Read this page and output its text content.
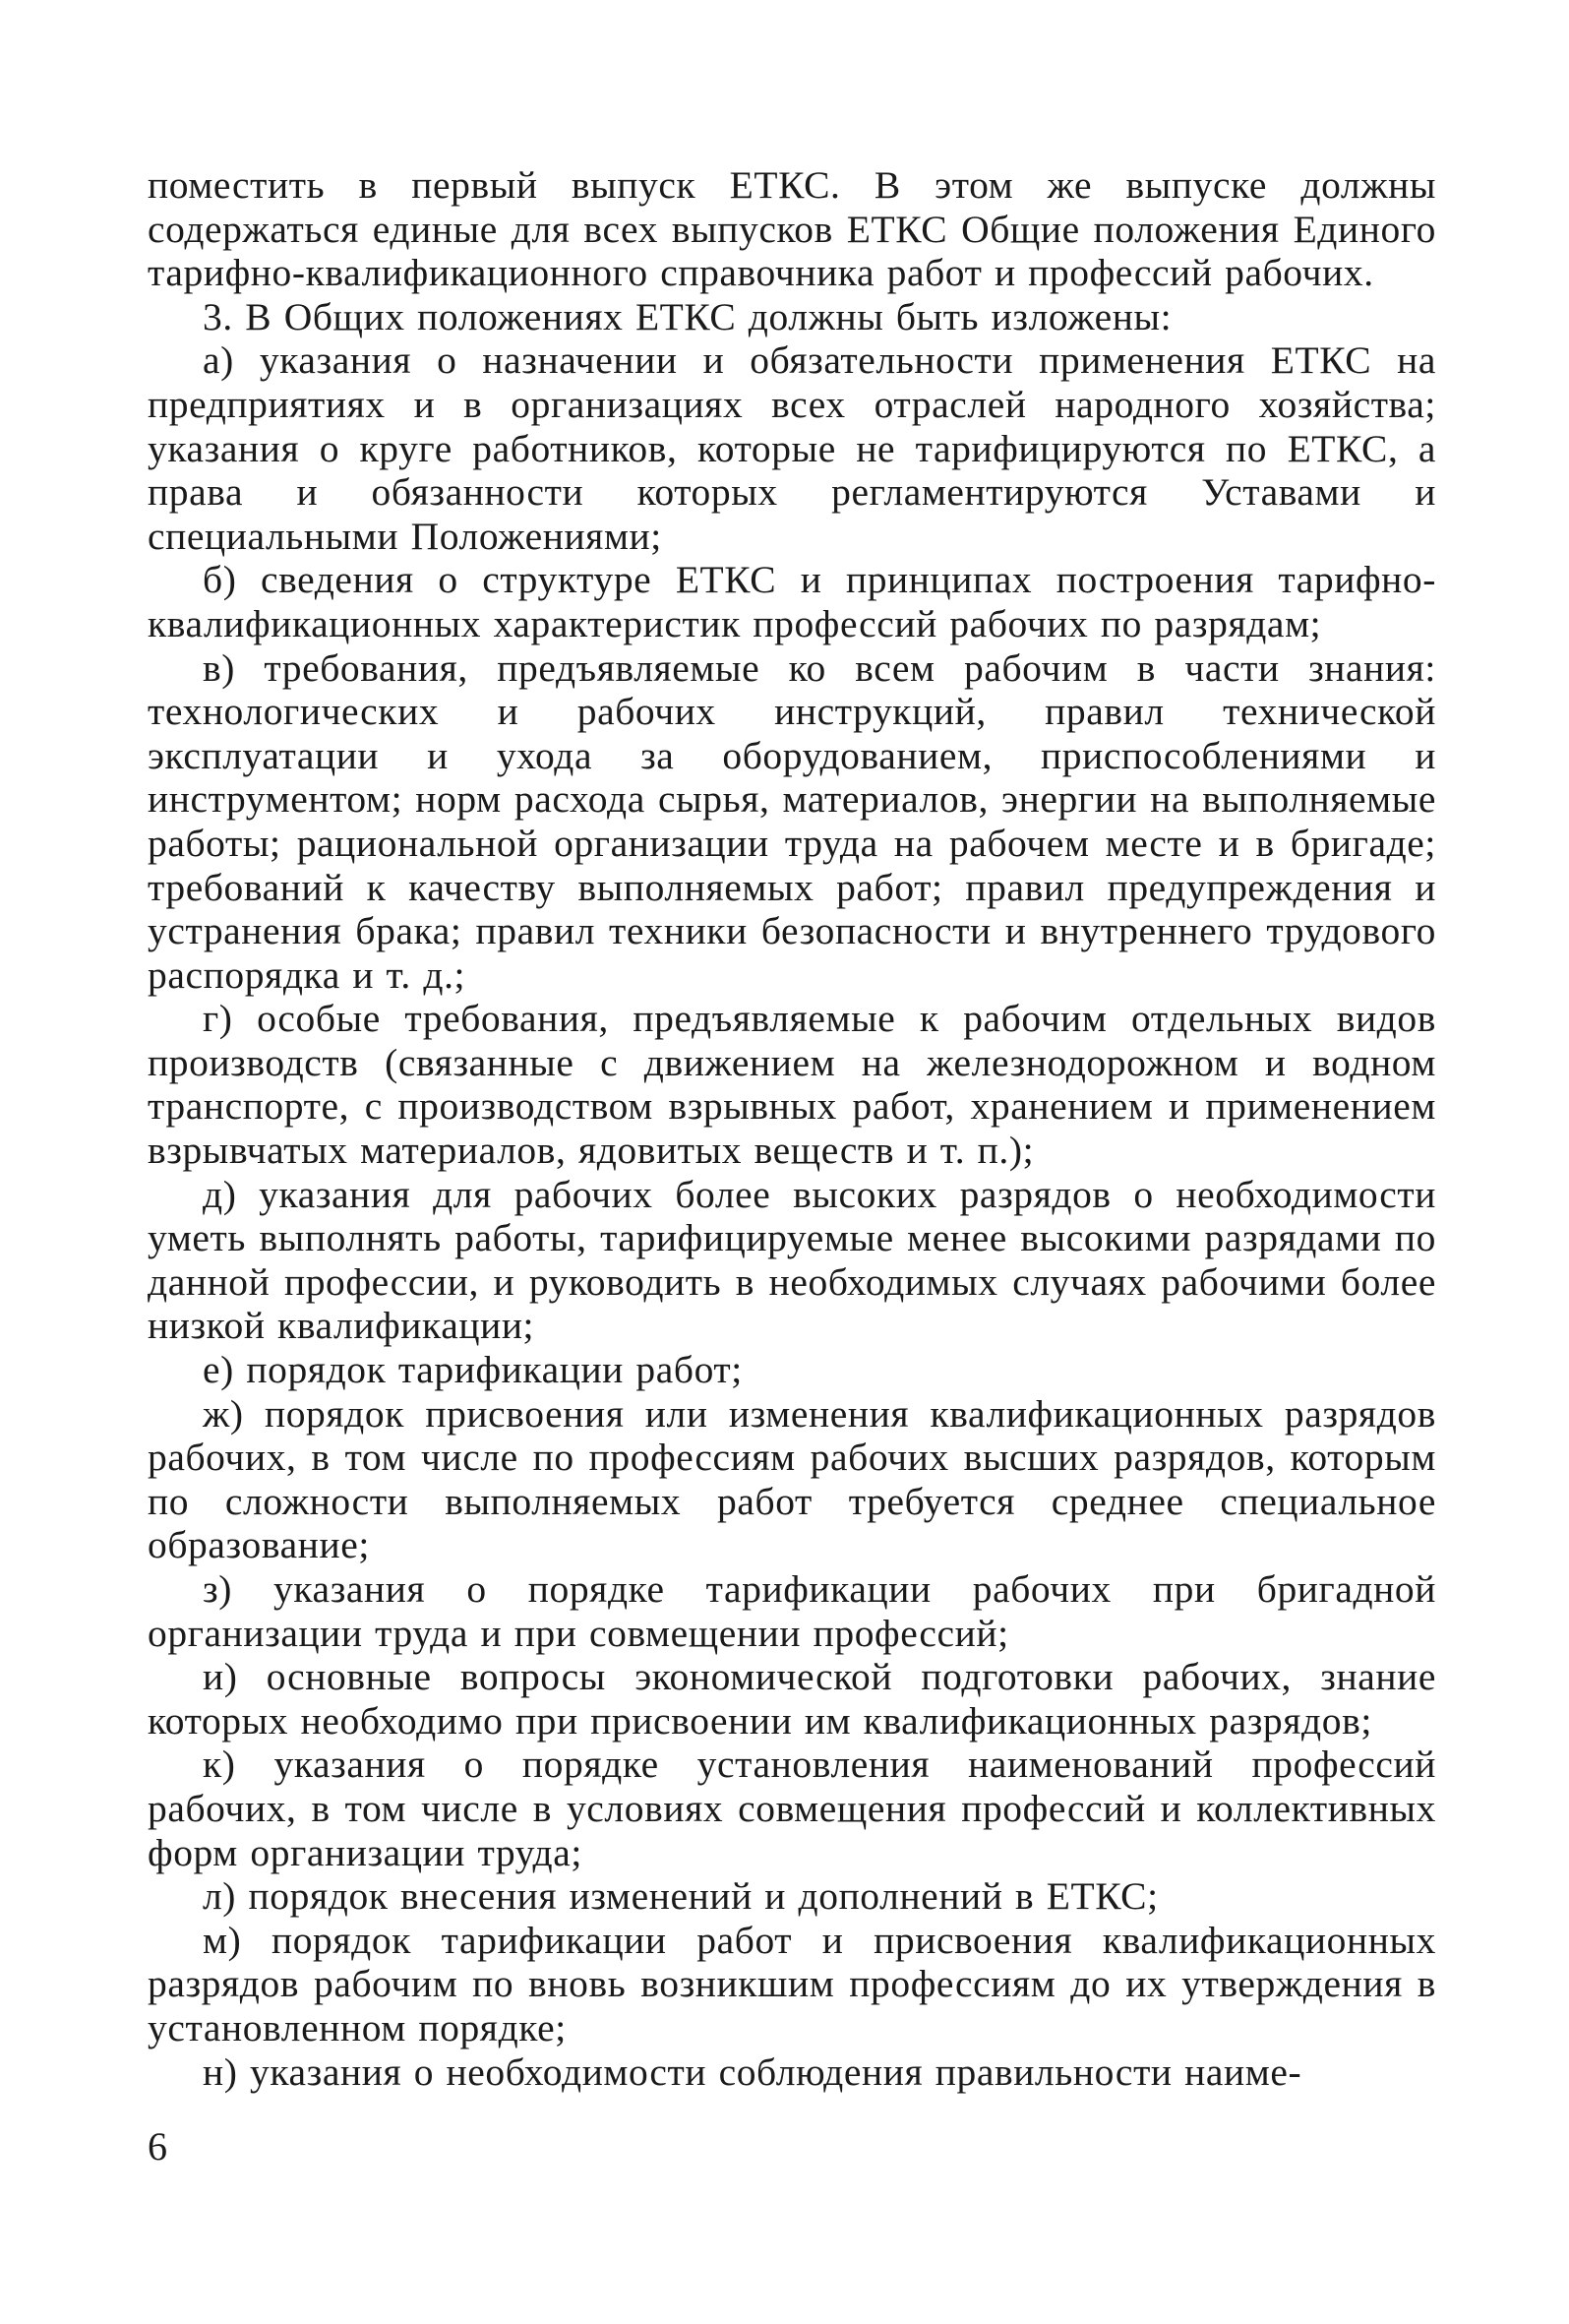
поместить в первый выпуск ЕТКС. В этом же выпуске должны содержаться единые для всех выпусков ЕТКС Общие положения Единого тарифно-квалификационного справочника работ и профессий рабочих.

3. В Общих положениях ЕТКС должны быть изложены:

а) указания о назначении и обязательности применения ЕТКС на предприятиях и в организациях всех отраслей народного хозяйства; указания о круге работников, которые не тарифицируются по ЕТКС, а права и обязанности которых регламентируются Уставами и специальными Положениями;

б) сведения о структуре ЕТКС и принципах построения тарифно-квалификационных характеристик профессий рабочих по разрядам;

в) требования, предъявляемые ко всем рабочим в части знания: технологических и рабочих инструкций, правил технической эксплуатации и ухода за оборудованием, приспособлениями и инструментом; норм расхода сырья, материалов, энергии на выполняемые работы; рациональной организации труда на рабочем месте и в бригаде; требований к качеству выполняемых работ; правил предупреждения и устранения брака; правил техники безопасности и внутреннего трудового распорядка и т. д.;

г) особые требования, предъявляемые к рабочим отдельных видов производств (связанные с движением на железнодорожном и водном транспорте, с производством взрывных работ, хранением и применением взрывчатых материалов, ядовитых веществ и т. п.);

д) указания для рабочих более высоких разрядов о необходимости уметь выполнять работы, тарифицируемые менее высокими разрядами по данной профессии, и руководить в необходимых случаях рабочими более низкой квалификации;

е) порядок тарификации работ;

ж) порядок присвоения или изменения квалификационных разрядов рабочих, в том числе по профессиям рабочих высших разрядов, которым по сложности выполняемых работ требуется среднее специальное образование;

з) указания о порядке тарификации рабочих при бригадной организации труда и при совмещении профессий;

и) основные вопросы экономической подготовки рабочих, знание которых необходимо при присвоении им квалификационных разрядов;

к) указания о порядке установления наименований профессий рабочих, в том числе в условиях совмещения профессий и коллективных форм организации труда;

л) порядок внесения изменений и дополнений в ЕТКС;

м) порядок тарификации работ и присвоения квалификационных разрядов рабочим по вновь возникшим профессиям до их утверждения в установленном порядке;

н) указания о необходимости соблюдения правильности наиме-

6
